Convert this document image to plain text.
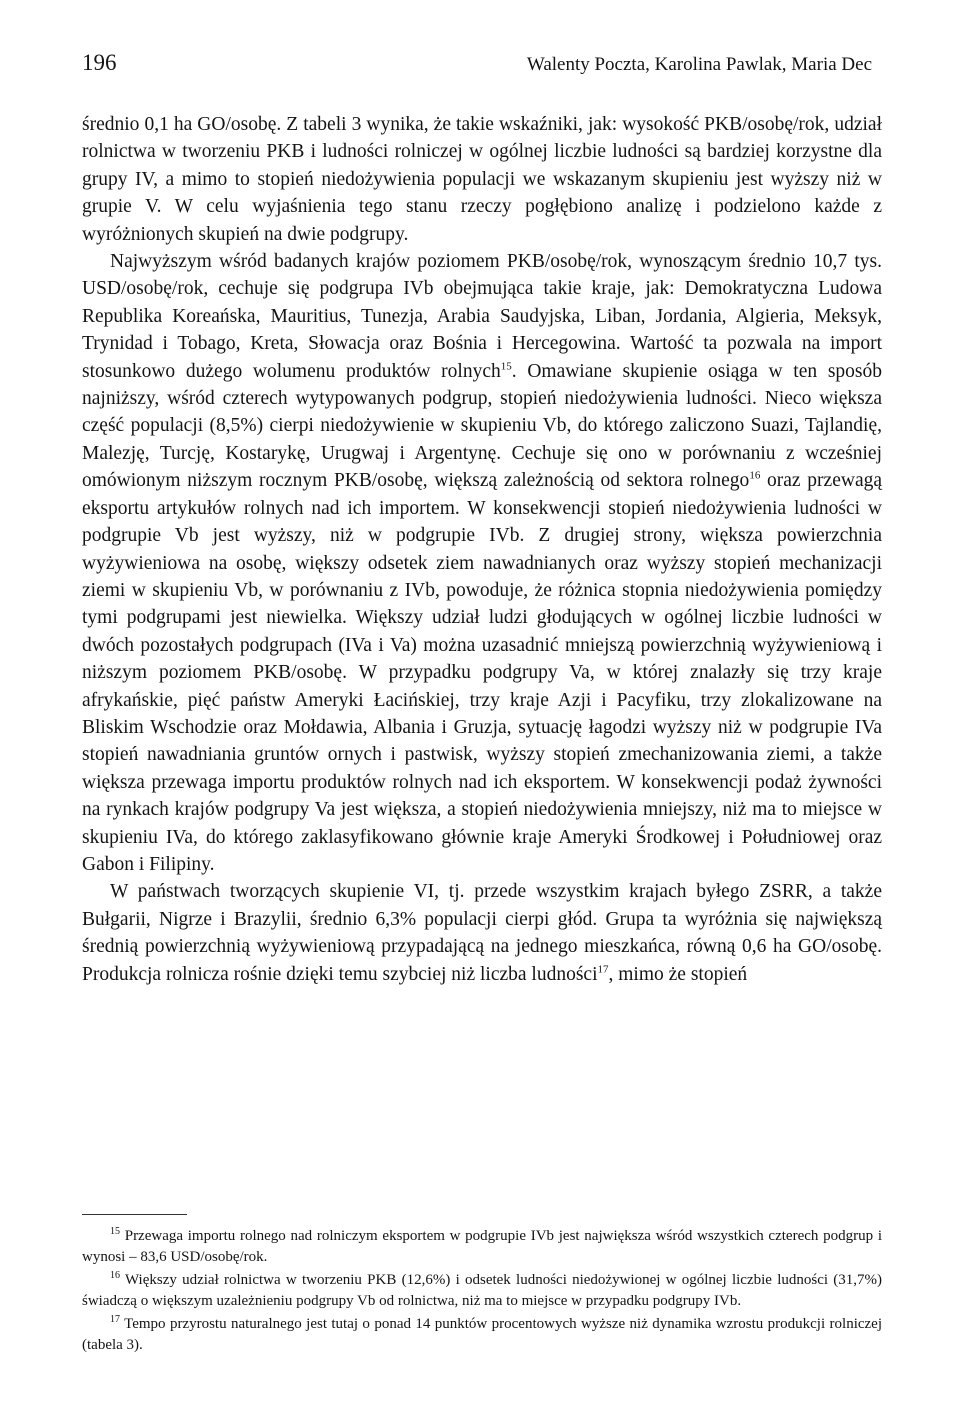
196	Walenty Poczta, Karolina Pawlak, Maria Dec

średnio 0,1 ha GO/osobę. Z tabeli 3 wynika, że takie wskaźniki, jak: wysokość PKB/osobę/rok, udział rolnictwa w tworzeniu PKB i ludności rolniczej w ogólnej liczbie ludności są bardziej korzystne dla grupy IV, a mimo to stopień niedożywienia populacji we wskazanym skupieniu jest wyższy niż w grupie V. W celu wyjaśnienia tego stanu rzeczy pogłębiono analizę i podzielono każde z wyróżnionych skupień na dwie podgrupy.

Najwyższym wśród badanych krajów poziomem PKB/osobę/rok, wynoszącym średnio 10,7 tys. USD/osobę/rok, cechuje się podgrupa IVb obejmująca takie kraje, jak: Demokratyczna Ludowa Republika Koreańska, Mauritius, Tunezja, Arabia Saudyjska, Liban, Jordania, Algieria, Meksyk, Trynidad i Tobago, Kreta, Słowacja oraz Bośnia i Hercegowina. Wartość ta pozwala na import stosunkowo dużego wolumenu produktów rolnych$^{15}$. Omawiane skupienie osiąga w ten sposób najniższy, wśród czterech wytypowanych podgrup, stopień niedożywienia ludności. Nieco większa część populacji (8,5%) cierpi niedożywienie w skupieniu Vb, do którego zaliczono Suazi, Tajlandię, Malezję, Turcję, Kostarykę, Urugwaj i Argentynę. Cechuje się ono w porównaniu z wcześniej omówionym niższym rocznym PKB/osobę, większą zależnością od sektora rolnego$^{16}$ oraz przewagą eksportu artykułów rolnych nad ich importem. W konsekwencji stopień niedożywienia ludności w podgrupie Vb jest wyższy, niż w podgrupie IVb. Z drugiej strony, większa powierzchnia wyżywieniowa na osobę, większy odsetek ziem nawadnianych oraz wyższy stopień mechanizacji ziemi w skupieniu Vb, w porównaniu z IVb, powoduje, że różnica stopnia niedożywienia pomiędzy tymi podgrupami jest niewielka. Większy udział ludzi głodujących w ogólnej liczbie ludności w dwóch pozostałych podgrupach (IVa i Va) można uzasadnić mniejszą powierzchnią wyżywieniową i niższym poziomem PKB/osobę. W przypadku podgrupy Va, w której znalazły się trzy kraje afrykańskie, pięć państw Ameryki Łacińskiej, trzy kraje Azji i Pacyfiku, trzy zlokalizowane na Bliskim Wschodzie oraz Mołdawia, Albania i Gruzja, sytuację łagodzi wyższy niż w podgrupie IVa stopień nawadniania gruntów ornych i pastwisk, wyższy stopień zmechanizowania ziemi, a także większa przewaga importu produktów rolnych nad ich eksportem. W konsekwencji podaż żywności na rynkach krajów podgrupy Va jest większa, a stopień niedożywienia mniejszy, niż ma to miejsce w skupieniu IVa, do którego zaklasyfikowano głównie kraje Ameryki Środkowej i Południowej oraz Gabon i Filipiny.

W państwach tworzących skupienie VI, tj. przede wszystkim krajach byłego ZSRR, a także Bułgarii, Nigrze i Brazylii, średnio 6,3% populacji cierpi głód. Grupa ta wyróżnia się największą średnią powierzchnią wyżywieniową przypadającą na jednego mieszkańca, równą 0,6 ha GO/osobę. Produkcja rolnicza rośnie dzięki temu szybciej niż liczba ludności$^{17}$, mimo że stopień

$^{15}$ Przewaga importu rolnego nad rolniczym eksportem w podgrupie IVb jest największa wśród wszystkich czterech podgrup i wynosi – 83,6 USD/osobę/rok.

$^{16}$ Większy udział rolnictwa w tworzeniu PKB (12,6%) i odsetek ludności niedożywionej w ogólnej liczbie ludności (31,7%) świadczą o większym uzależnieniu podgrupy Vb od rolnictwa, niż ma to miejsce w przypadku podgrupy IVb.

$^{17}$ Tempo przyrostu naturalnego jest tutaj o ponad 14 punktów procentowych wyższe niż dynamika wzrostu produkcji rolniczej (tabela 3).
